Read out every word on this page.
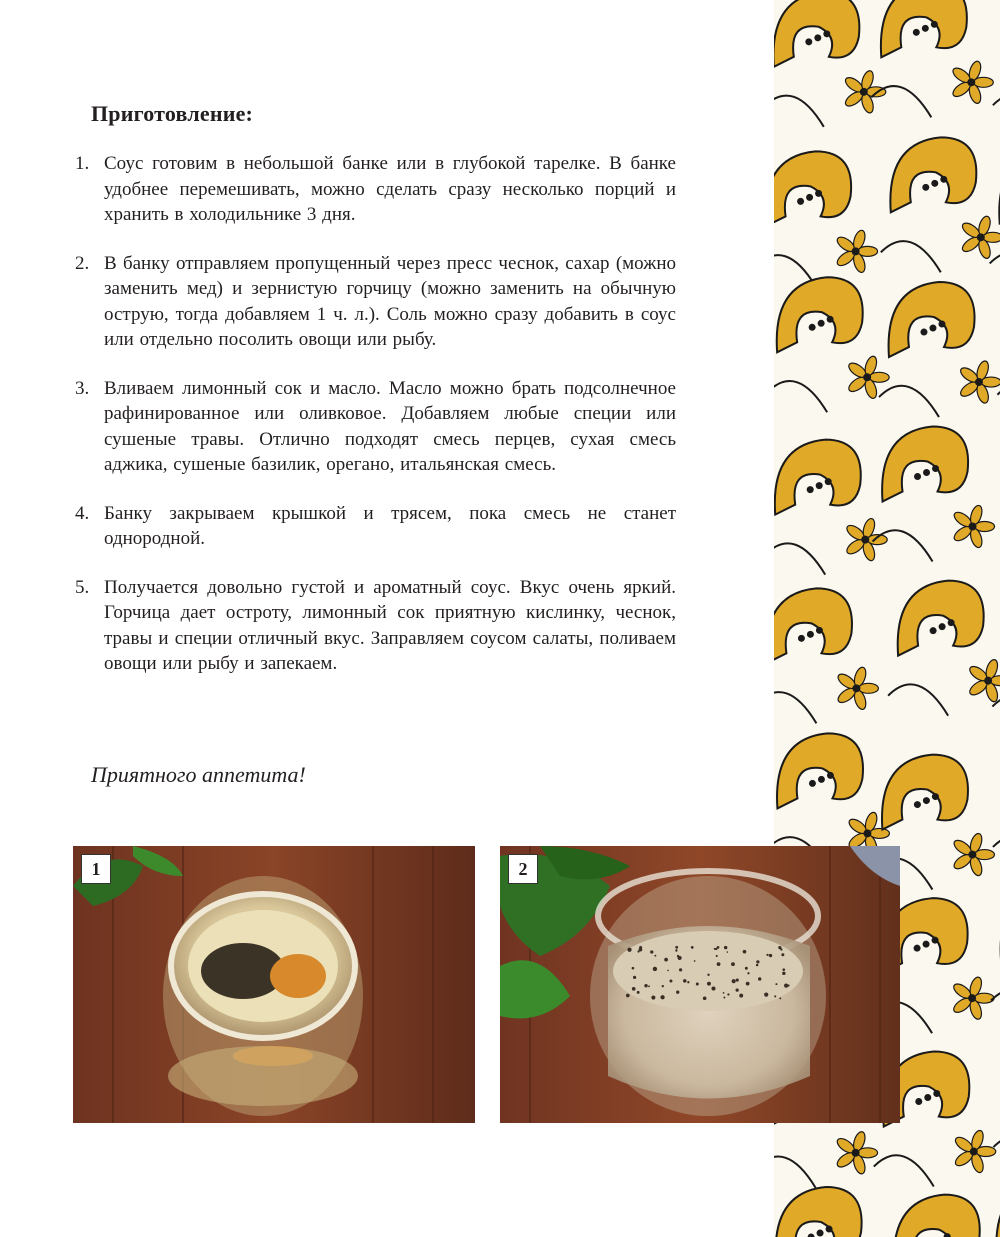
Приготовление:
1. Соус готовим в небольшой банке или в глубокой тарелке. В банке удобнее перемешивать, можно сделать сразу несколько порций и хранить в холодильнике 3 дня.
2. В банку отправляем пропущенный через пресс чеснок, сахар (можно заменить мед) и зернистую горчицу (можно заменить на обычную острую, тогда добавляем 1 ч. л.). Соль можно сразу добавить в соус или отдельно посолить овощи или рыбу.
3. Вливаем лимонный сок и масло. Масло можно брать подсолнечное рафинированное или оливковое. Добавляем любые специи или сушеные травы. Отлично подходят смесь перцев, сухая смесь аджика, сушеные базилик, орегано, итальянская смесь.
4. Банку закрываем крышкой и трясем, пока смесь не станет однородной.
5. Получается довольно густой и ароматный соус. Вкус очень яркий. Горчица дает остроту, лимонный сок приятную кислинку, чеснок, травы и специи отличный вкус. Заправляем соусом салаты, поливаем овощи или рыбу и запекаем.
Приятного аппетита!
1	2
